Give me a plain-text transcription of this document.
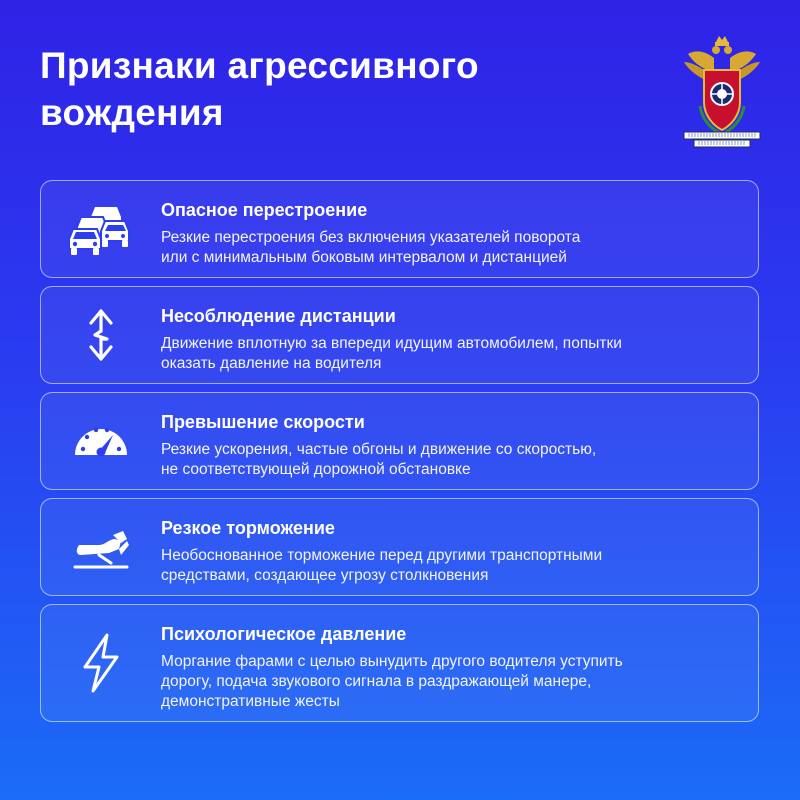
Признаки агрессивного
вождения

Опасное перестроение

Резкие перестроения без включения указателей поворота
или с минимальным боковым интервалом и дистанцией

Несоблюдение дистанции

Движение вплотную за впереди идущим автомобилем, попытки
оказать давление на водителя

Превышение скорости

Резкие ускорения, частые обгоны и движение со скоростью,
не соответствующей дорожной обстановке

Резкое торможение

Необоснованное торможение перед другими транспортными
средствами, создающее угрозу столкновения

Психологическое давление

Моргание фарами с целью вынудить другого водителя уступить
дорогу, подача звукового сигнала в раздражающей манере,
демонстративные жесты
